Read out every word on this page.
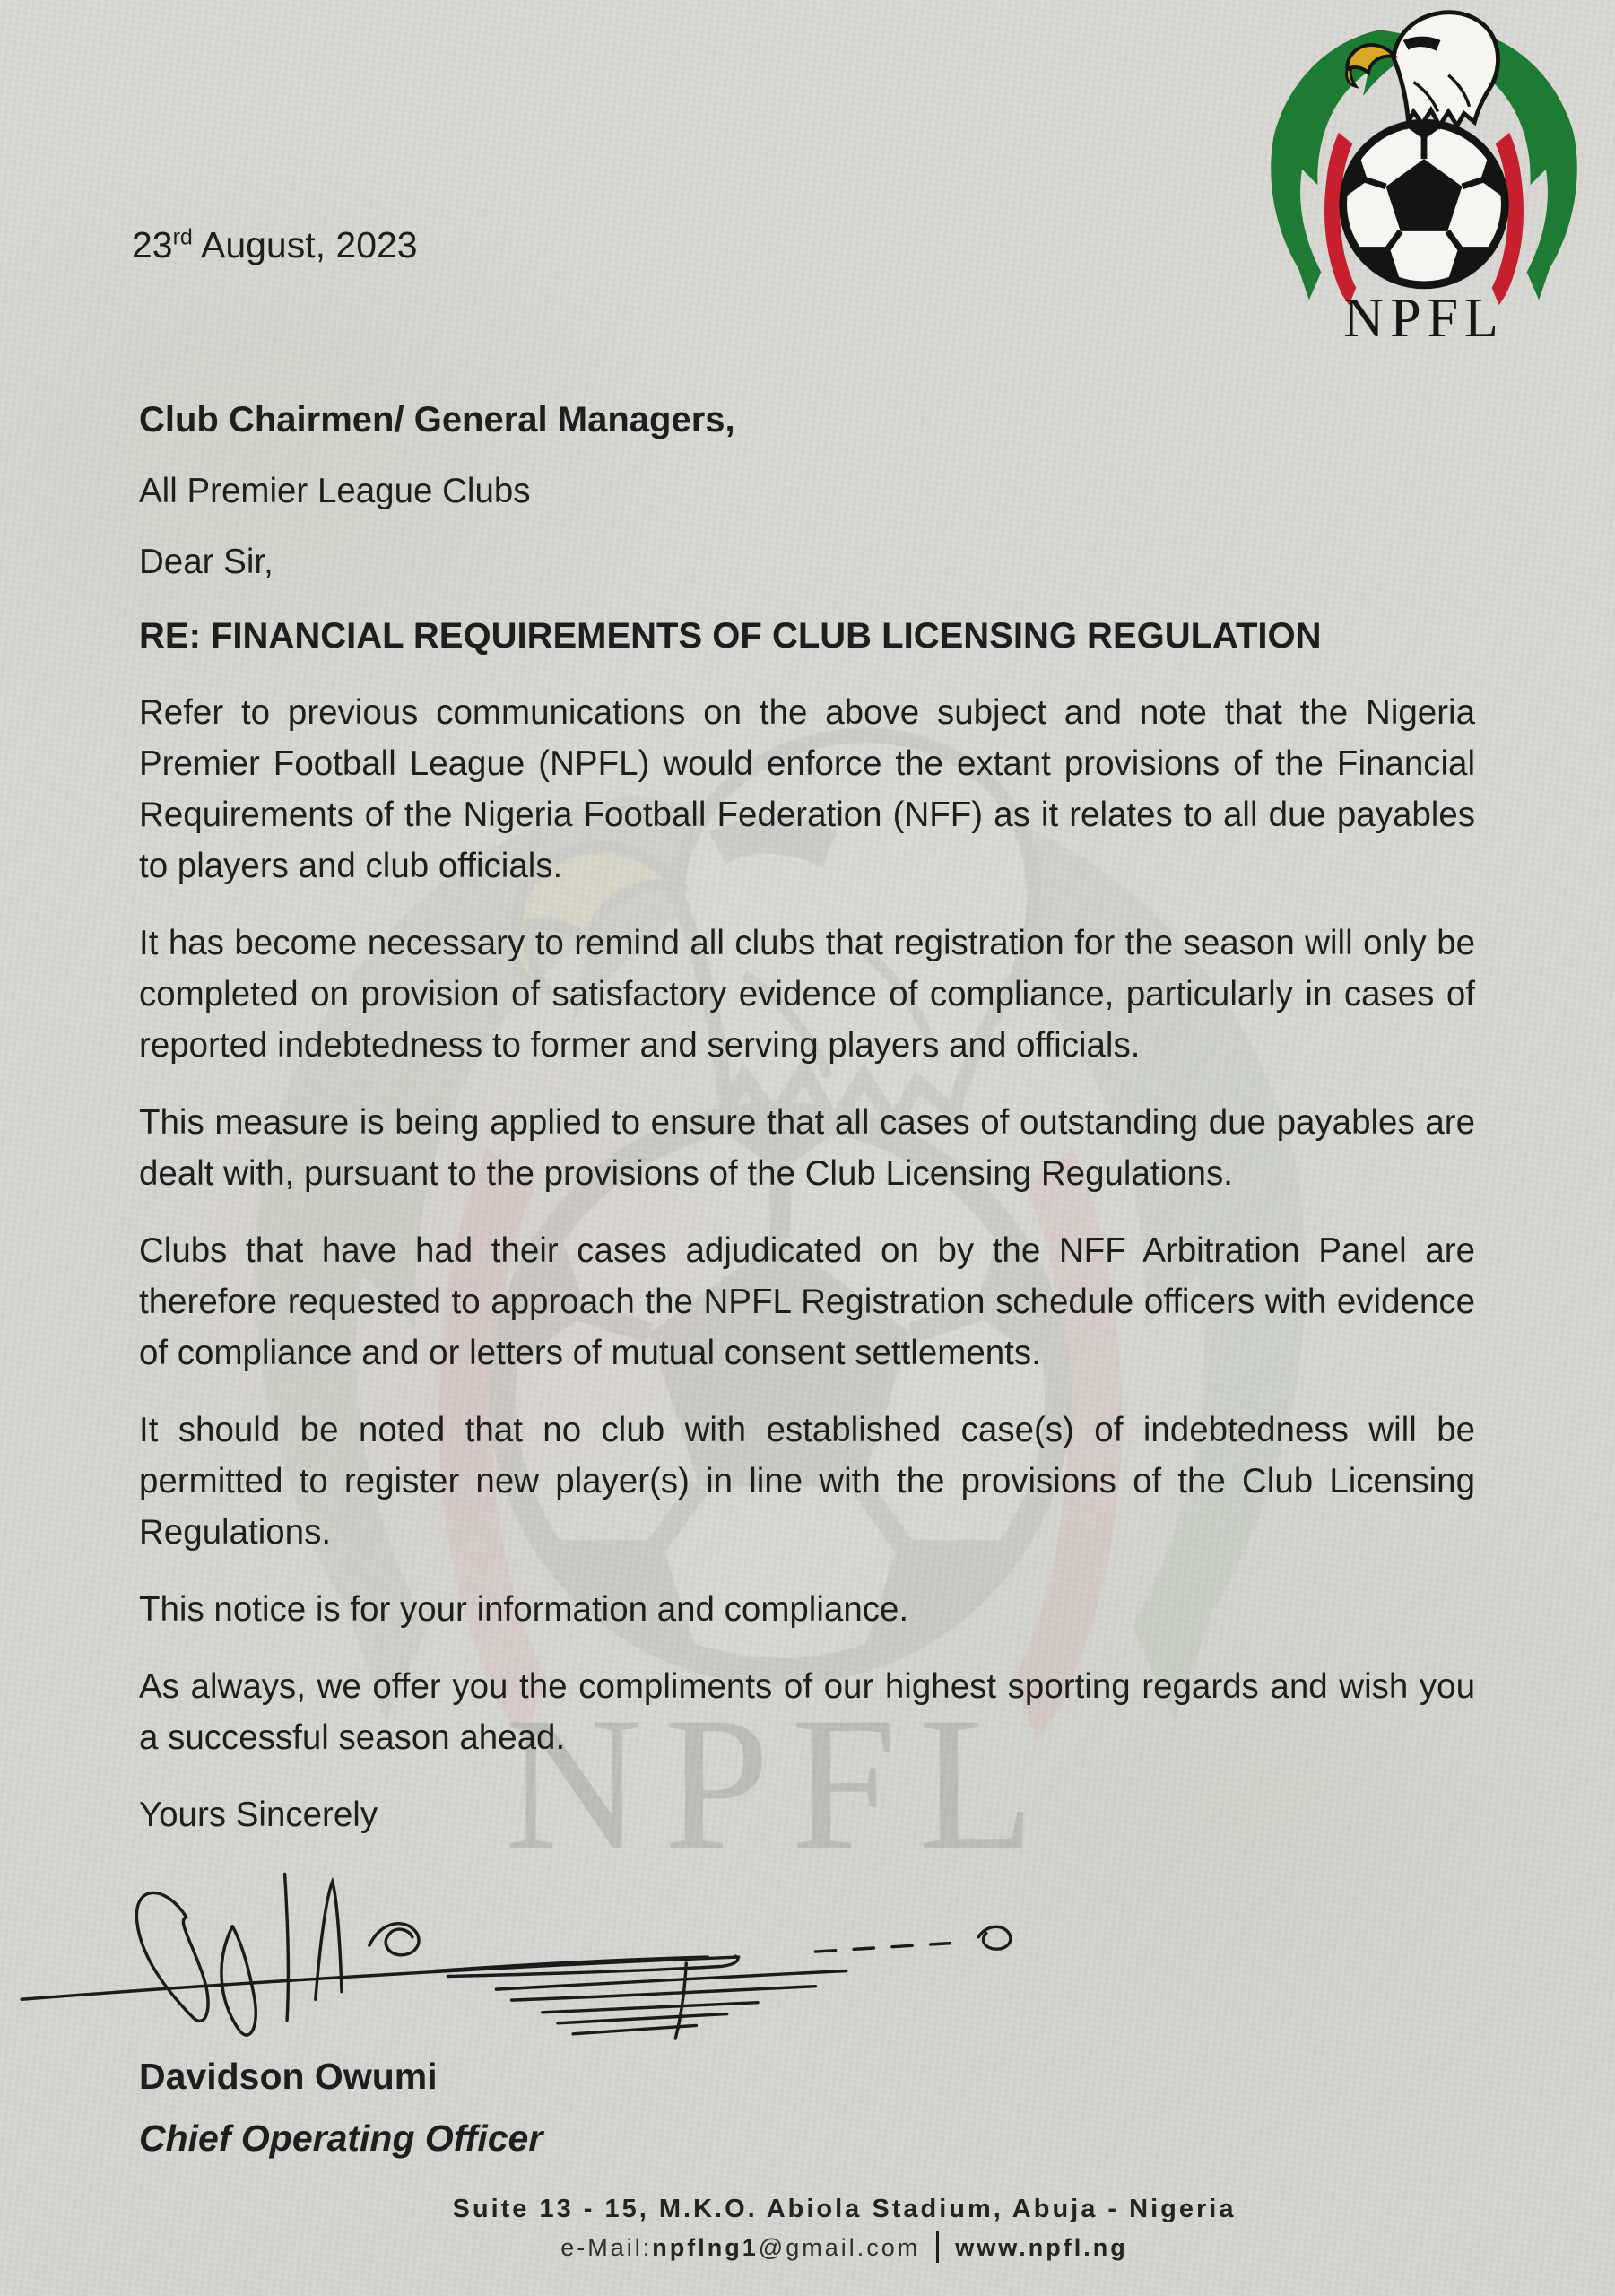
NPFL
23rd August, 2023
NPFL

Club Chairmen/ General Managers,

All Premier League Clubs

Dear Sir,

RE: FINANCIAL REQUIREMENTS OF CLUB LICENSING REGULATION

Refer to previous communications on the above subject and note that the Nigeria Premier Football League (NPFL) would enforce the extant provisions of the Financial Requirements of the Nigeria Football Federation (NFF) as it relates to all due payables to players and club officials.

It has become necessary to remind all clubs that registration for the season will only be completed on provision of satisfactory evidence of compliance, particularly in cases of reported indebtedness to former and serving players and officials.

This measure is being applied to ensure that all cases of outstanding due payables are dealt with, pursuant to the provisions of the Club Licensing Regulations.

Clubs that have had their cases adjudicated on by the NFF Arbitration Panel are therefore requested to approach the NPFL Registration schedule officers with evidence of compliance and or letters of mutual consent settlements.

It should be noted that no club with established case(s) of indebtedness will be permitted to register new player(s) in line with the provisions of the Club Licensing Regulations.

This notice is for your information and compliance.

As always, we offer you the compliments of our highest sporting regards and wish you a successful season ahead.

Yours Sincerely

Davidson Owumi

Chief Operating Officer

Suite 13 - 15, M.K.O. Abiola Stadium, Abuja - Nigeria
e-Mail:npflng1@gmail.com www.npfl.ng
